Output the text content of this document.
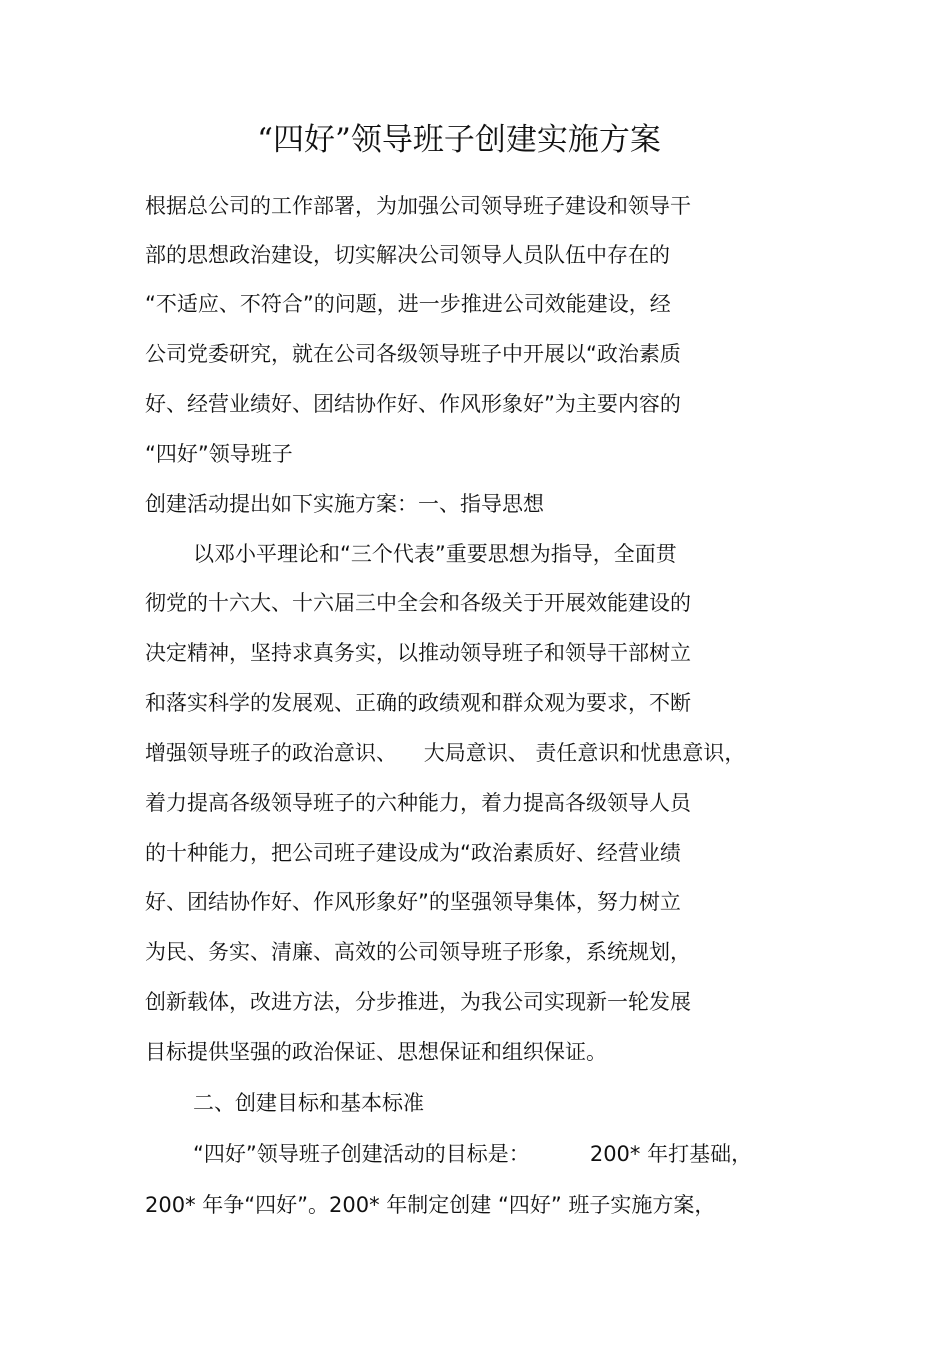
“四好”领导班子创建实施方案
根据总公司的工作部署，为加强公司领导班子建设和领导干
部的思想政治建设，切实解决公司领导人员队伍中存在的
“不适应、不符合”的问题，进一步推进公司效能建设，经
公司党委研究，就在公司各级领导班子中开展以“政治素质
好、经营业绩好、团结协作好、作风形象好”为主要内容的
“四好”领导班子
创建活动提出如下实施方案：一、指导思想
以邓小平理论和“三个代表”重要思想为指导，全面贯
彻党的十六大、十六届三中全会和各级关于开展效能建设的
决定精神，坚持求真务实，以推动领导班子和领导干部树立
和落实科学的发展观、正确的政绩观和群众观为要求，不断
增强领导班子的政治意识、    大局意识、 责任意识和忧患意识，
着力提高各级领导班子的六种能力，着力提高各级领导人员
的十种能力，把公司班子建设成为“政治素质好、经营业绩
好、团结协作好、作风形象好”的坚强领导集体，努力树立
为民、务实、清廉、高效的公司领导班子形象，系统规划，
创新载体，改进方法，分步推进，为我公司实现新一轮发展
目标提供坚强的政治保证、思想保证和组织保证。
二、创建目标和基本标准
“四好”领导班子创建活动的目标是：         200* 年打基础，
200* 年争“四好”。200* 年制定创建 “四好” 班子实施方案，
